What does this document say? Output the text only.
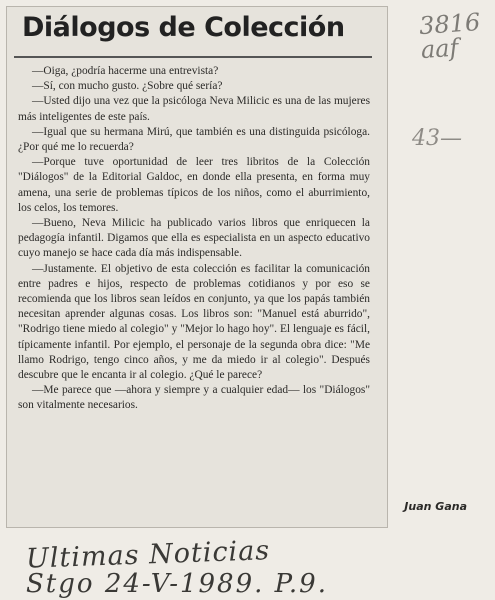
Diálogos de Colección

—Oiga, ¿podría hacerme una entrevista?

—Sí, con mucho gusto. ¿Sobre qué sería?

—Usted dijo una vez que la psicóloga Neva Milicic es una de las mujeres más inteligentes de este país.

—Igual que su hermana Mirú, que también es una distinguida psicóloga. ¿Por qué me lo recuerda?

—Porque tuve oportunidad de leer tres libritos de la Colección "Diálogos" de la Editorial Galdoc, en donde ella presenta, en forma muy amena, una serie de problemas típicos de los niños, como el aburrimiento, los celos, los temores.

—Bueno, Neva Milicic ha publicado varios libros que enriquecen la pedagogía infantil. Digamos que ella es especialista en un aspecto educativo cuyo manejo se hace cada día más indispensable.

—Justamente. El objetivo de esta colección es facilitar la comunicación entre padres e hijos, respecto de problemas cotidianos y por eso se recomienda que los libros sean leídos en conjunto, ya que los papás también necesitan aprender algunas cosas. Los libros son: "Manuel está aburrido", "Rodrigo tiene miedo al colegio" y "Mejor lo hago hoy". El lenguaje es fácil, típicamente infantil. Por ejemplo, el personaje de la segunda obra dice: "Me llamo Rodrigo, tengo cinco años, y me da miedo ir al colegio". Después descubre que le encanta ir al colegio. ¿Qué le parece?

—Me parece que —ahora y siempre y a cualquier edad— los "Diálogos" son vitalmente necesarios.

Juan Gana
3816
aaf
43—
Ultimas Noticias
Stgo 24-V-1989. P.9.
